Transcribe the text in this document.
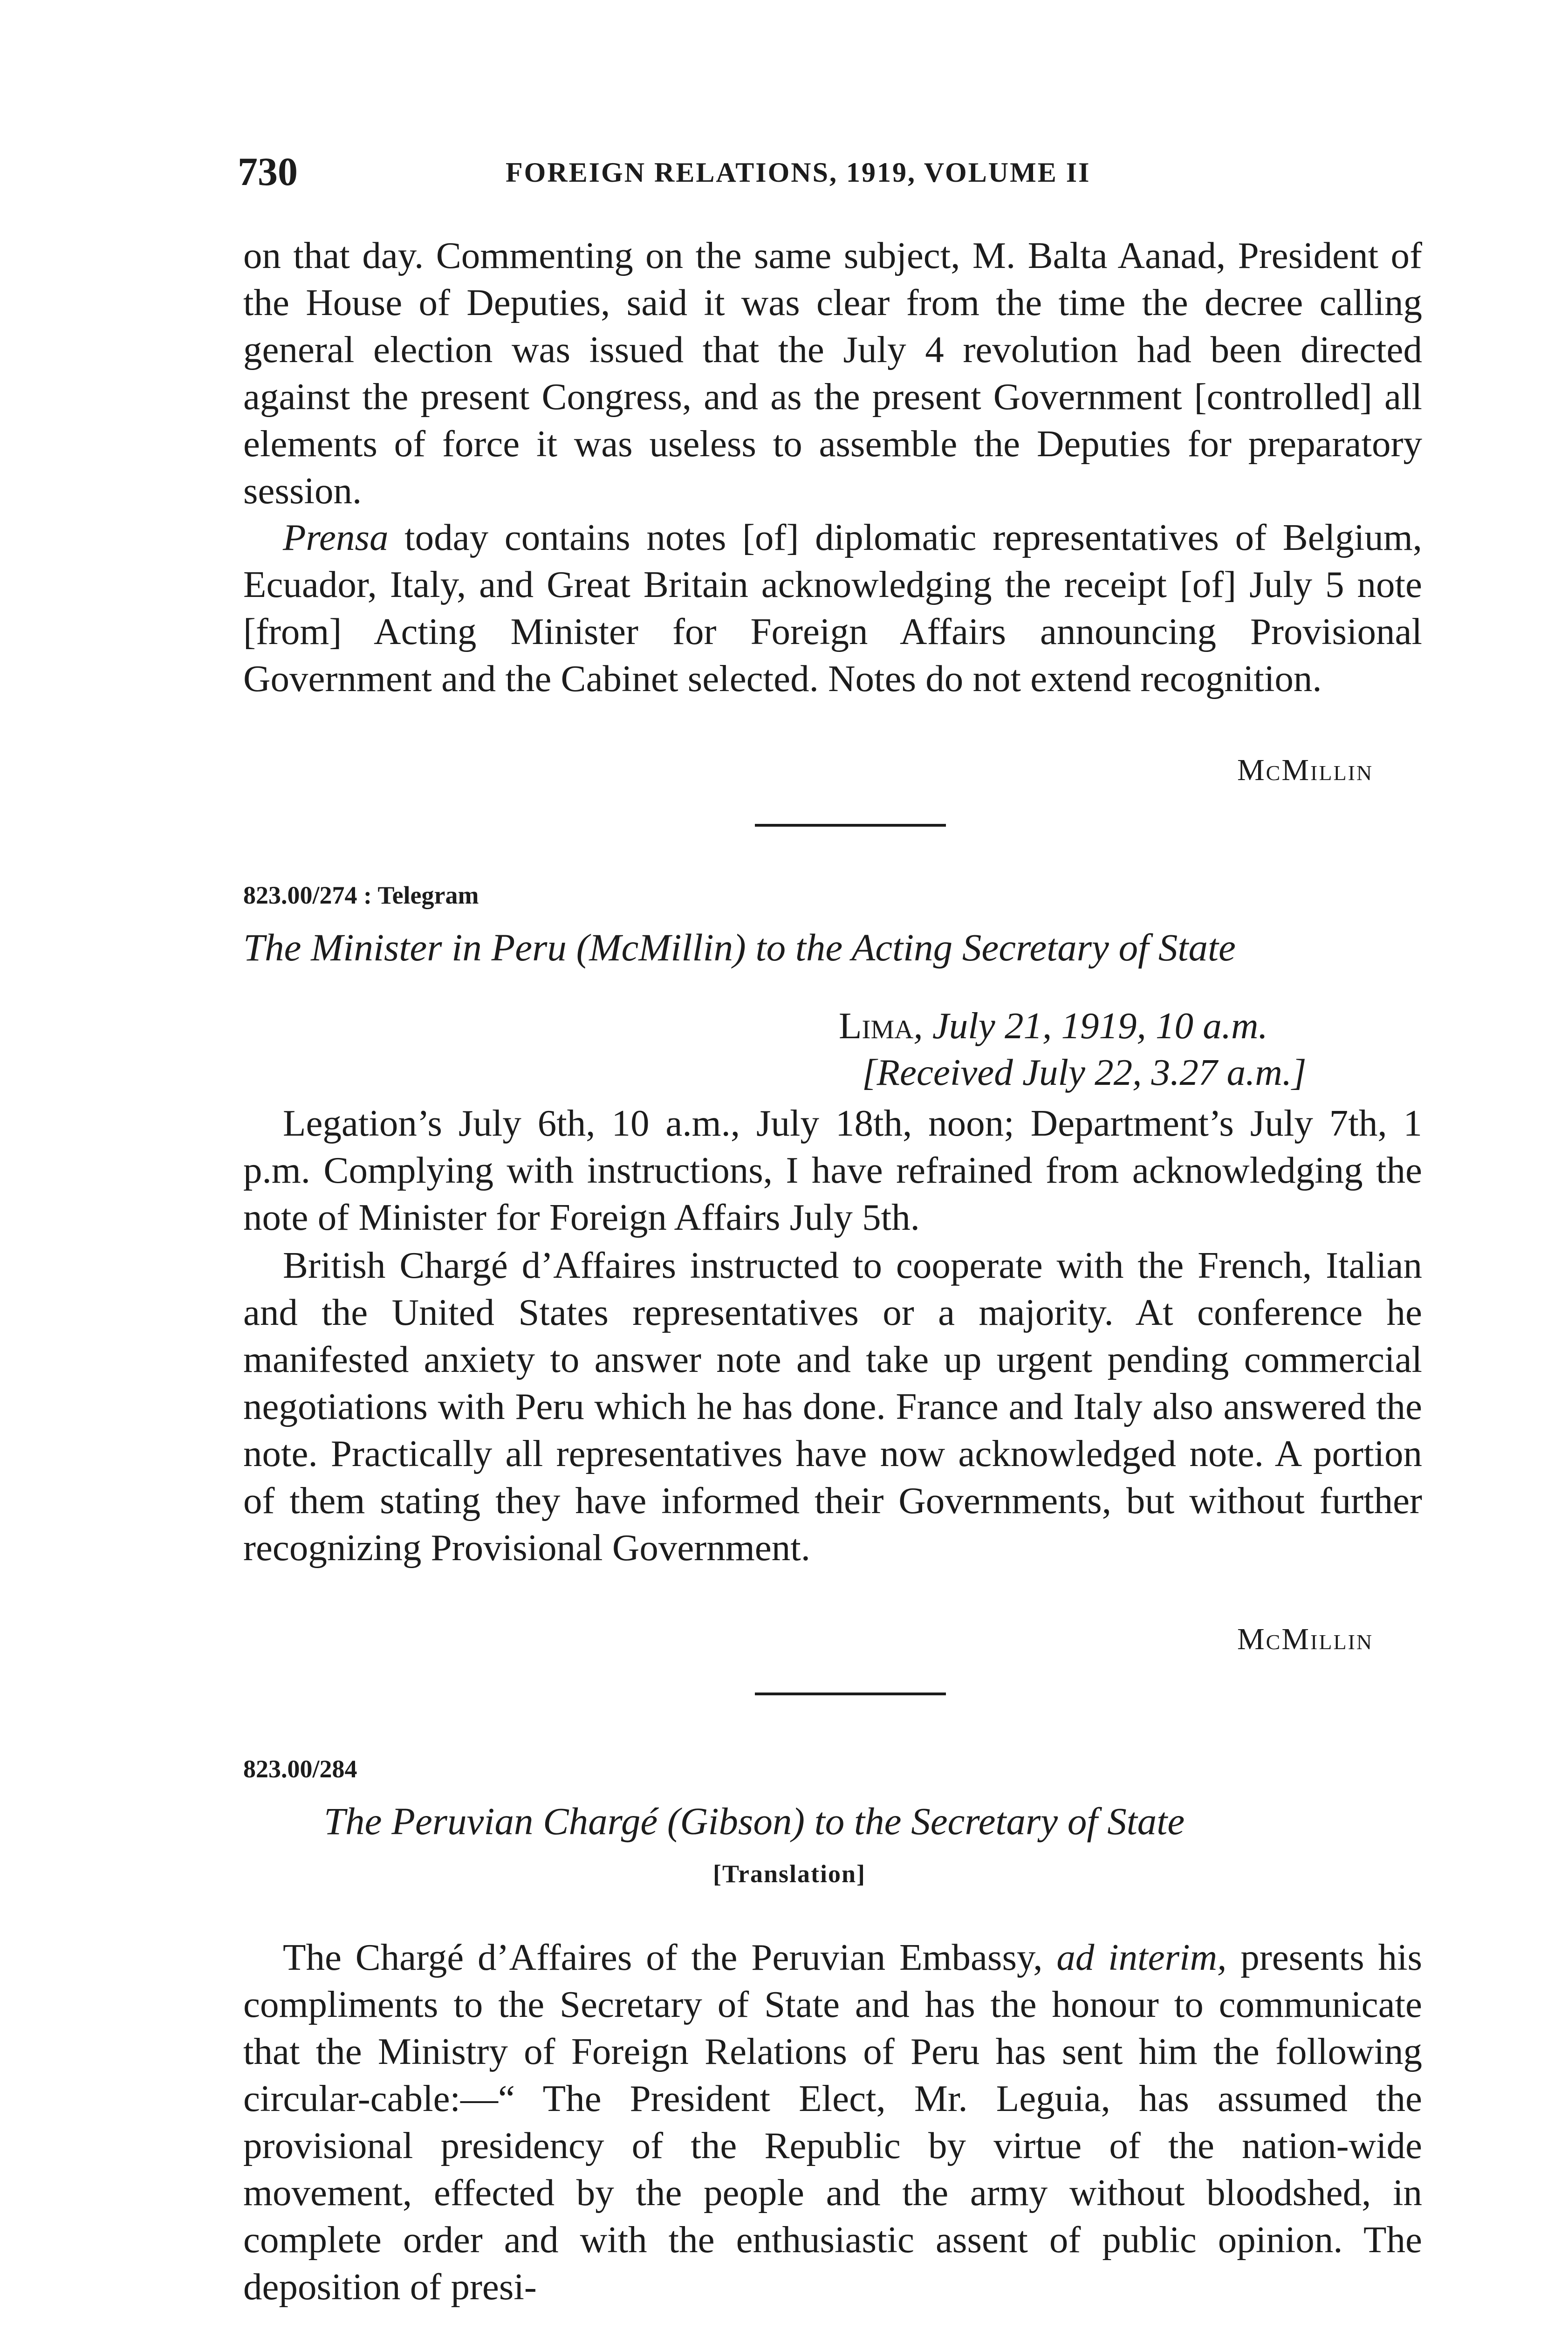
730	FOREIGN RELATIONS, 1919, VOLUME II

on that day. Commenting on the same subject, M. Balta Aanad, President of the House of Deputies, said it was clear from the time the decree calling general election was issued that the July 4 revolution had been directed against the present Congress, and as the present Government [controlled] all elements of force it was useless to assemble the Deputies for preparatory session.

Prensa today contains notes [of] diplomatic representatives of Belgium, Ecuador, Italy, and Great Britain acknowledging the receipt [of] July 5 note [from] Acting Minister for Foreign Affairs announcing Provisional Government and the Cabinet selected. Notes do not extend recognition.

McMillin
823.00/274 : Telegram
The Minister in Peru (McMillin) to the Acting Secretary of State
Lima, July 21, 1919, 10 a.m.
[Received July 22, 3.27 a.m.]

Legation’s July 6th, 10 a.m., July 18th, noon; Department’s July 7th, 1 p.m. Complying with instructions, I have refrained from acknowledging the note of Minister for Foreign Affairs July 5th.

British Chargé d’Affaires instructed to cooperate with the French, Italian and the United States representatives or a majority. At conference he manifested anxiety to answer note and take up urgent pending commercial negotiations with Peru which he has done. France and Italy also answered the note. Practically all representatives have now acknowledged note. A portion of them stating they have informed their Governments, but without further recognizing Provisional Government.

McMillin
823.00/284
The Peruvian Chargé (Gibson) to the Secretary of State
[Translation]

The Chargé d’Affaires of the Peruvian Embassy, ad interim, presents his compliments to the Secretary of State and has the honour to communicate that the Ministry of Foreign Relations of Peru has sent him the following circular-cable:—“ The President Elect, Mr. Leguia, has assumed the provisional presidency of the Republic by virtue of the nation-wide movement, effected by the people and the army without bloodshed, in complete order and with the enthusiastic assent of public opinion. The deposition of presi-
